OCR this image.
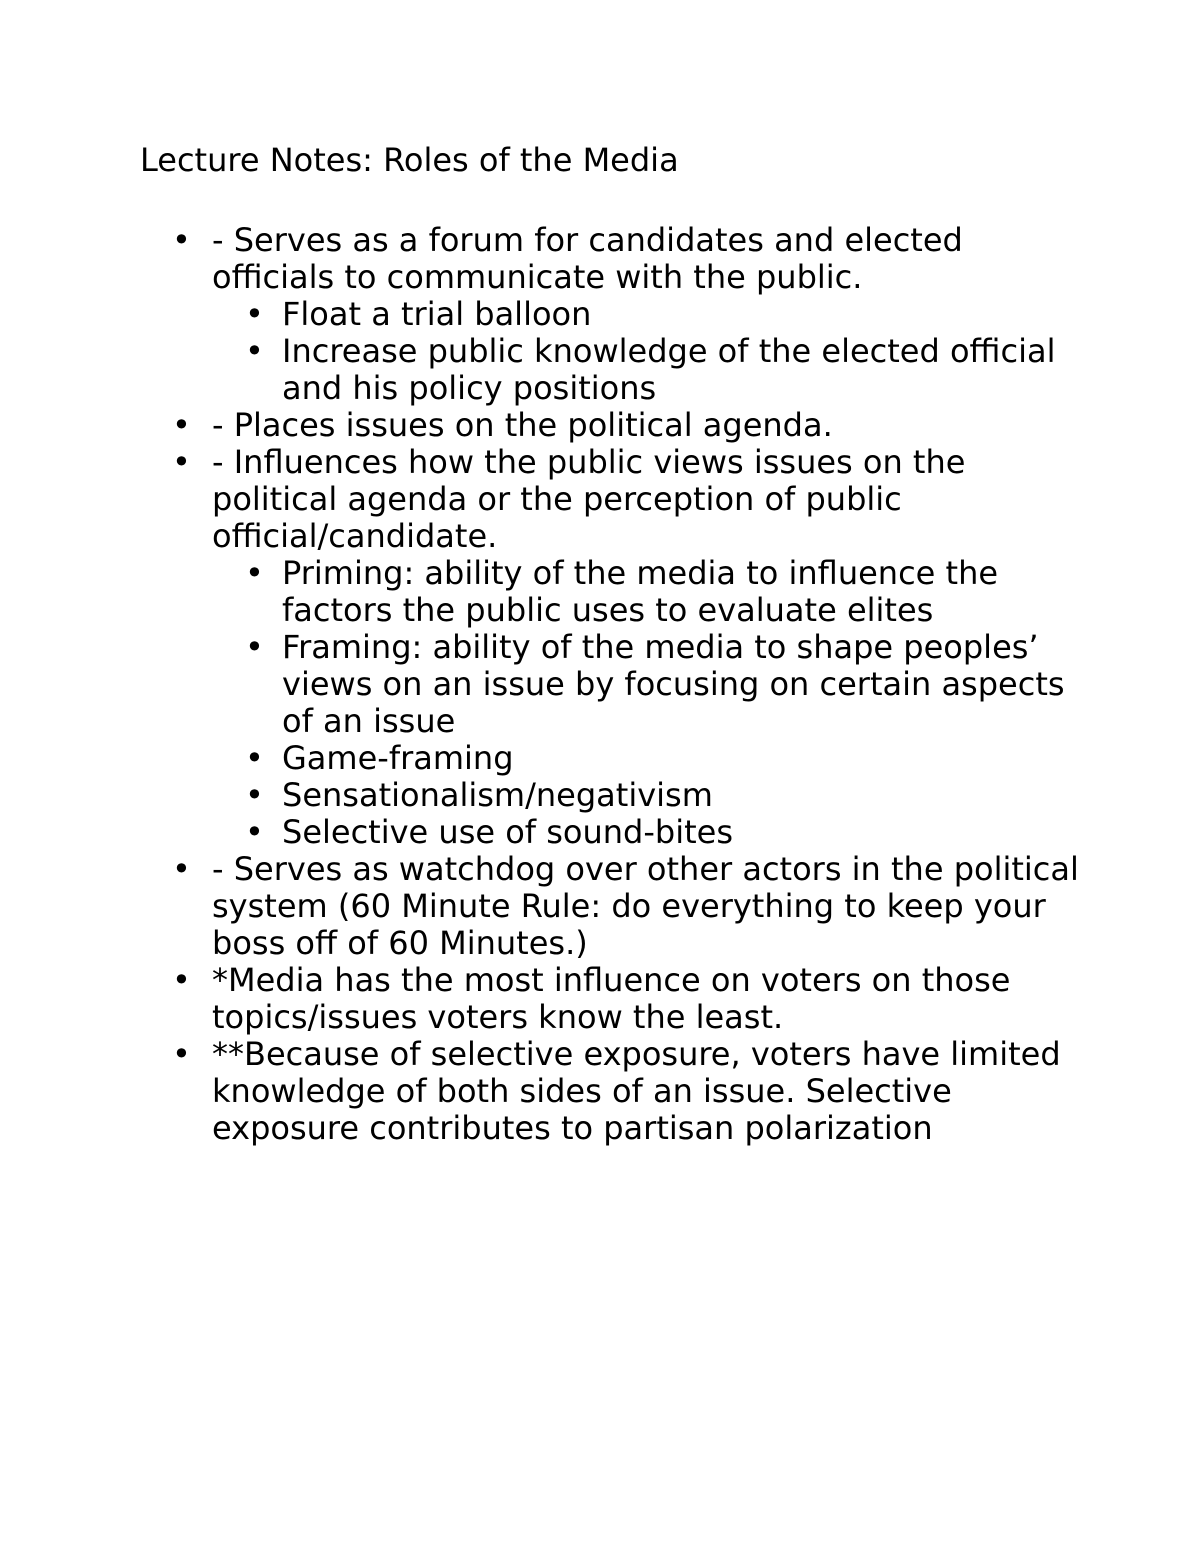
Lecture Notes: Roles of the Media
• - Serves as a forum for candidates and elected officials to communicate with the public.
• Float a trial balloon
• Increase public knowledge of the elected official and his policy positions
• - Places issues on the political agenda.
• - Influences how the public views issues on the political agenda or the perception of public official/candidate.
• Priming: ability of the media to influence the factors the public uses to evaluate elites
• Framing: ability of the media to shape peoples’ views on an issue by focusing on certain aspects of an issue
• Game-framing
• Sensationalism/negativism
• Selective use of sound-bites
• - Serves as watchdog over other actors in the political system (60 Minute Rule: do everything to keep your boss off of 60 Minutes.)
• *Media has the most influence on voters on those topics/issues voters know the least.
• **Because of selective exposure, voters have limited knowledge of both sides of an issue. Selective exposure contributes to partisan polarization
